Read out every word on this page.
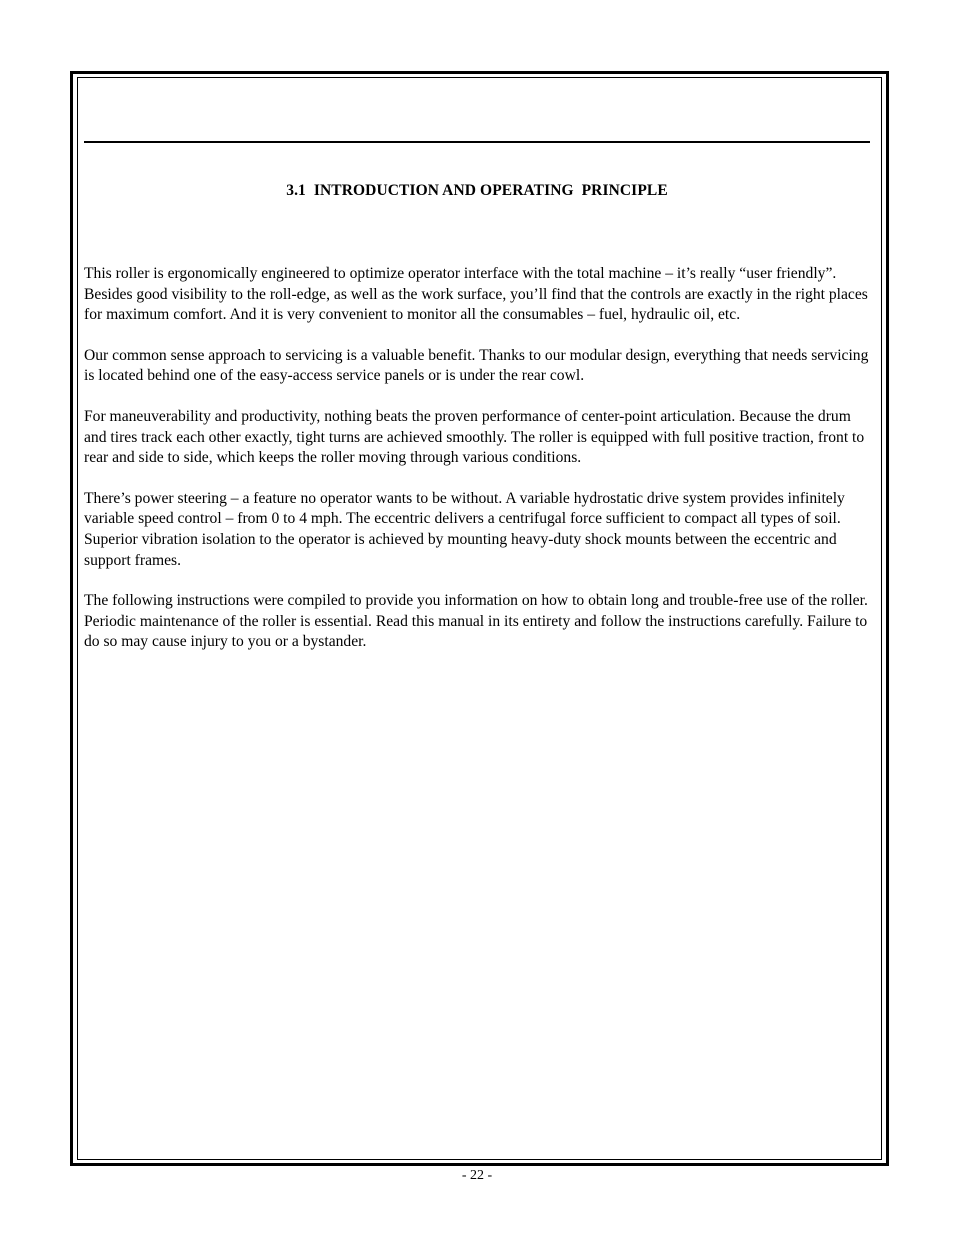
3.1  INTRODUCTION AND OPERATING  PRINCIPLE

This roller is ergonomically engineered to optimize operator interface with the total machine – it’s really “user friendly”. Besides good visibility to the roll-edge, as well as the work surface, you’ll find that the controls are exactly in the right places for maximum comfort. And it is very convenient to monitor all the consumables – fuel, hydraulic oil, etc.

Our common sense approach to servicing is a valuable benefit. Thanks to our modular design, everything that needs servicing is located behind one of the easy-access service panels or is under the rear cowl.

For maneuverability and productivity, nothing beats the proven performance of center-point articulation. Because the drum and tires track each other exactly, tight turns are achieved smoothly. The roller is equipped with full positive traction, front to rear and side to side, which keeps the roller moving through various conditions.

There’s power steering – a feature no operator wants to be without. A variable hydrostatic drive system provides infinitely variable speed control – from 0 to 4 mph. The eccentric delivers a centrifugal force sufficient to compact all types of soil. Superior vibration isolation to the operator is achieved by mounting heavy-duty shock mounts between the eccentric and support frames.

The following instructions were compiled to provide you information on how to obtain long and trouble-free use of the roller. Periodic maintenance of the roller is essential. Read this manual in its entirety and follow the instructions carefully. Failure to do so may cause injury to you or a bystander.

- 22 -
